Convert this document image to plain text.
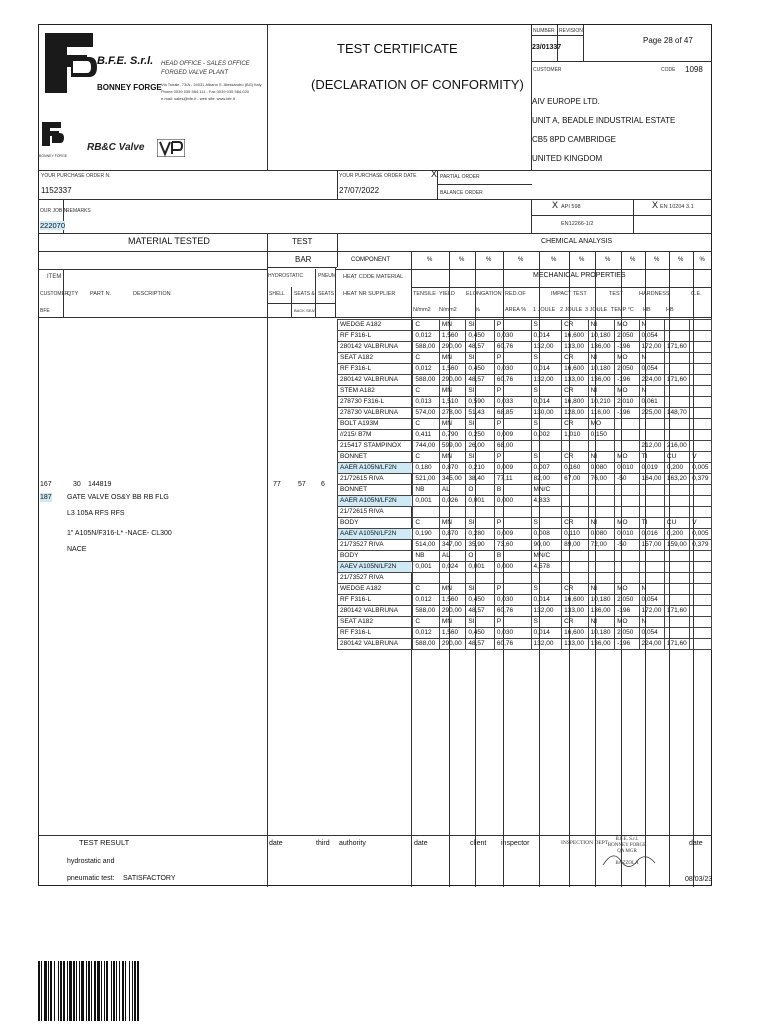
B.F.E. S.r.l.
BONNEY FORGE
HEAD OFFICE - SALES OFFICE
FORGED VALVE PLANT
Via Tonale, 73/A - 24031 Albano S. Alessandro (BG) Italy
Phone 0039 035 584.111 - Fax 0039 035 584.020
e-mail: sales@bfe.it - web site: www.bfe.it
BONNEY FORGE
RB&C Valve
TEST CERTIFICATE
(DECLARATION OF CONFORMITY)
NUMBER REVISION
23/01337
Page 28 of 47
CUSTOMER	CODE 1098
AIV EUROPE LTD.
UNIT A, BEADLE INDUSTRIAL ESTATE
CB5 8PD CAMBRIDGE
UNITED KINGDOM
YOUR PURCHASE ORDER N.
1152337
YOUR PURCHASE ORDER DATE
27/07/2022
X PARTIAL ORDER
BALANCE ORDER
OUR JOB N.
222070
REMARKS
X API 598	X EN 10204 3.1
EN12266-1/2
MATERIAL TESTED	TEST
BAR
CHEMICAL ANALYSIS
MECHANICAL PROPERTIES
COMPONENT
HEAT CODE MATERIAL
HEAT NR SUPPLIER
ITEM
CUSTOMER
BFE
QTY PART N.	DESCRIPTION
HYDROSTATIC	PNEUM
SHELL SEATS & SEATS
BACK SEAT
%	%	%	%	%	%	%	%	%	%	%
TENSILE YIELD ELONGATION RED.OF	IMPACT TEST	TEST	HARDNESS	C.E.
N/mm2 N/mm2	%	AREA % 1 JOULE 2 JOULE 3 JOULE TEMP °C HB	HB
167
187
30 144819
GATE VALVE OS&Y BB RB FLG
L3 105A RFS RFS
1" A105N/F316-L* -NACE- CL300
NACE
77 57 6
WEDGE A182	C	MN	SI	P	S	CR	NI	MO	N		
RF F316-L	0,012	1,560	0,450	0,030	0,014	16,600	10,180	2,050	0,054		
280142 VALBRUNA	588,00	290,00	48,57	60,76	132,00	133,00	136,00	-196	172,00	171,60	
SEAT A182	C	MN	SI	P	S	CR	NI	MO	N		
RF F316-L	0,012	1,560	0,450	0,030	0,014	16,600	10,180	2,050	0,054		
280142 VALBRUNA	588,00	290,00	48,57	60,76	132,00	133,00	136,00	-196	224,00	171,60	
STEM A182	C	MN	SI	P	S	CR	NI	MO	N		
278730 F316-L	0,013	1,510	0,590	0,033	0,014	16,800	10,210	2,010	0,061		
278730 VALBRUNA	574,00	278,00	51,43	68,85	130,00	128,00	116,00	-196	225,00	148,70	
BOLT A193M	C	MN	SI	P	S	CR	MO				
//215/ B7M	0,411	0,790	0,250	0,009	0,002	1,010	0,150				
215417 STAMPINOX	744,00	599,00	26,00	68,00					212,00	216,00	
BONNET	C	MN	SI	P	S	CR	NI	MO	TI	CU	V
AAER A105N/LF2N	0,180	0,870	0,210	0,009	0,007	0,160	0,080	0,010	0,019	0,200	0,005
21/72615 RIVA	521,00	345,00	38,40	77,11	82,00	67,00	76,00	-50	164,00	163,20	0,379
BONNET	NB	AL	O	B	MN/C						
AAER A105N/LF2N	0,001	0,026	0,001	0,000	4,833						
21/72615 RIVA											
BODY	C	MN	SI	P	S	CR	NI	MO	TI	CU	V
AAEV A105N/LF2N	0,190	0,870	0,280	0,009	0,008	0,110	0,080	0,010	0,016	0,200	0,005
21/73527 RIVA	514,00	347,00	35,90	73,60	90,00	89,00	72,00	-50	157,00	159,00	0,379
BODY	NB	AL	O	B	MN/C						
AAEV A105N/LF2N	0,001	0,024	0,001	0,000	4,578						
21/73527 RIVA											
WEDGE A182	C	MN	SI	P	S	CR	NI	MO	N		
RF F316-L	0,012	1,560	0,450	0,030	0,014	16,600	10,180	2,050	0,054		
280142 VALBRUNA	588,00	290,00	48,57	60,76	132,00	133,00	136,00	-196	172,00	171,60	
SEAT A182	C	MN	SI	P	S	CR	NI	MO	N		
RF F316-L	0,012	1,560	0,450	0,030	0,014	16,600	10,180	2,050	0,054		
280142 VALBRUNA	588,00	290,00	48,57	60,76	132,00	133,00	136,00	-196	224,00	171,60	
TEST RESULT
hydrostatic and
pneumatic test: SATISFACTORY
date	third authority	date	client inspector	INSPECTION DEPT.
B.F.E. S.r.l.
BONNEY FORGE
QA MGR
BAZZOLA
date
08/03/23
